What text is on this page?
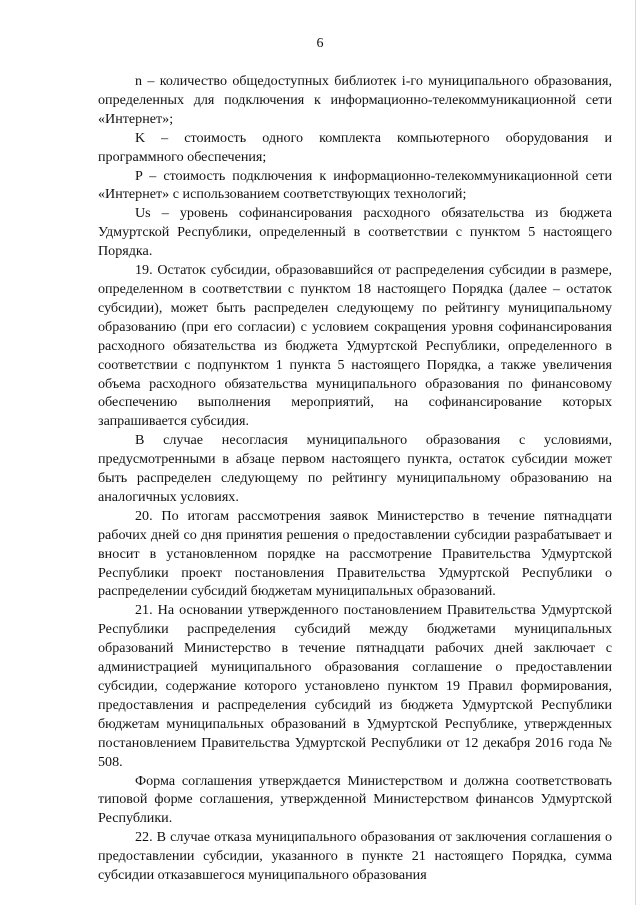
6

n – количество общедоступных библиотек i-го муниципального образования, определенных для подключения к информационно-телекоммуникационной сети «Интернет»;

K – стоимость одного комплекта компьютерного оборудования и программного обеспечения;

P – стоимость подключения к информационно-телекоммуникационной сети «Интернет» с использованием соответствующих технологий;

Us – уровень софинансирования расходного обязательства из бюджета Удмуртской Республики, определенный в соответствии с пунктом 5 настоящего Порядка.

19. Остаток субсидии, образовавшийся от распределения субсидии в размере, определенном в соответствии с пунктом 18 настоящего Порядка (далее – остаток субсидии), может быть распределен следующему по рейтингу муниципальному образованию (при его согласии) с условием сокращения уровня софинансирования расходного обязательства из бюджета Удмуртской Республики, определенного в соответствии с подпунктом 1 пункта 5 настоящего Порядка, а также увеличения объема расходного обязательства муниципального образования по финансовому обеспечению выполнения мероприятий, на софинансирование которых запрашивается субсидия.

В случае несогласия муниципального образования с условиями, предусмотренными в абзаце первом настоящего пункта, остаток субсидии может быть распределен следующему по рейтингу муниципальному образованию на аналогичных условиях.

20. По итогам рассмотрения заявок Министерство в течение пятнадцати рабочих дней со дня принятия решения о предоставлении субсидии разрабатывает и вносит в установленном порядке на рассмотрение Правительства Удмуртской Республики проект постановления Правительства Удмуртской Республики о распределении субсидий бюджетам муниципальных образований.

21. На основании утвержденного постановлением Правительства Удмуртской Республики распределения субсидий между бюджетами муниципальных образований Министерство в течение пятнадцати рабочих дней заключает с администрацией муниципального образования соглашение о предоставлении субсидии, содержание которого установлено пунктом 19 Правил формирования, предоставления и распределения субсидий из бюджета Удмуртской Республики бюджетам муниципальных образований в Удмуртской Республике, утвержденных постановлением Правительства Удмуртской Республики от 12 декабря 2016 года № 508.

Форма соглашения утверждается Министерством и должна соответствовать типовой форме соглашения, утвержденной Министерством финансов Удмуртской Республики.

22. В случае отказа муниципального образования от заключения соглашения о предоставлении субсидии, указанного в пункте 21 настоящего Порядка, сумма субсидии отказавшегося муниципального образования
